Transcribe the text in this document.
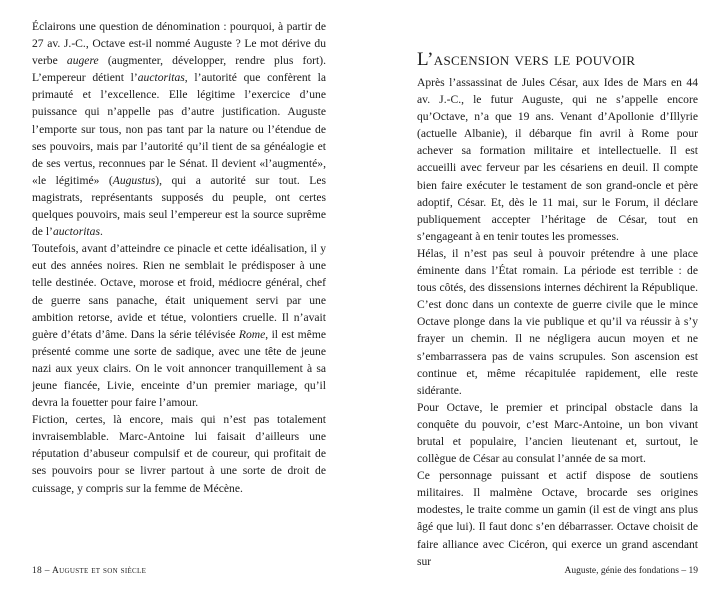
Éclairons une question de dénomination : pourquoi, à partir de 27 av. J.-C., Octave est-il nommé Auguste ? Le mot dérive du verbe augere (augmenter, développer, rendre plus fort). L’empereur détient l’auctoritas, l’autorité que confèrent la primauté et l’excellence. Elle légitime l’exercice d’une puissance qui n’appelle pas d’autre justification. Auguste l’emporte sur tous, non pas tant par la nature ou l’étendue de ses pouvoirs, mais par l’autorité qu’il tient de sa généalogie et de ses vertus, reconnues par le Sénat. Il devient «l’augmenté», «le légitimé» (Augustus), qui a autorité sur tout. Les magistrats, représentants supposés du peuple, ont certes quelques pouvoirs, mais seul l’empereur est la source suprême de l’auctoritas.

Toutefois, avant d’atteindre ce pinacle et cette idéalisation, il y eut des années noires. Rien ne semblait le prédisposer à une telle destinée. Octave, morose et froid, médiocre général, chef de guerre sans panache, était uniquement servi par une ambition retorse, avide et tétue, volontiers cruelle. Il n’avait guère d’états d’âme. Dans la série télévisée Rome, il est même présenté comme une sorte de sadique, avec une tête de jeune nazi aux yeux clairs. On le voit annoncer tranquillement à sa jeune fiancée, Livie, enceinte d’un premier mariage, qu’il devra la fouetter pour faire l’amour.

Fiction, certes, là encore, mais qui n’est pas totalement invraisemblable. Marc-Antoine lui faisait d’ailleurs une réputation d’abuseur compulsif et de coureur, qui profitait de ses pouvoirs pour se livrer partout à une sorte de droit de cuissage, y compris sur la femme de Mécène.

L’ascension vers le pouvoir

Après l’assassinat de Jules César, aux Ides de Mars en 44 av. J.-C., le futur Auguste, qui ne s’appelle encore qu’Octave, n’a que 19 ans. Venant d’Apollonie d’Illyrie (actuelle Albanie), il débarque fin avril à Rome pour achever sa formation militaire et intellectuelle. Il est accueilli avec ferveur par les césariens en deuil. Il compte bien faire exécuter le testament de son grand-oncle et père adoptif, César. Et, dès le 11 mai, sur le Forum, il déclare publiquement accepter l’héritage de César, tout en s’engageant à en tenir toutes les promesses.

Hélas, il n’est pas seul à pouvoir prétendre à une place éminente dans l’État romain. La période est terrible : de tous côtés, des dissensions internes déchirent la République. C’est donc dans un contexte de guerre civile que le mince Octave plonge dans la vie publique et qu’il va réussir à s’y frayer un chemin. Il ne négligera aucun moyen et ne s’embarrassera pas de vains scrupules. Son ascension est continue et, même récapitulée rapidement, elle reste sidérante.

Pour Octave, le premier et principal obstacle dans la conquête du pouvoir, c’est Marc-Antoine, un bon vivant brutal et populaire, l’ancien lieutenant et, surtout, le collègue de César au consulat l’année de sa mort.

Ce personnage puissant et actif dispose de soutiens militaires. Il malmène Octave, brocarde ses origines modestes, le traite comme un gamin (il est de vingt ans plus âgé que lui). Il faut donc s’en débarrasser. Octave choisit de faire alliance avec Cicéron, qui exerce un grand ascendant sur

18 – Auguste et son siècle	Auguste, génie des fondations – 19
